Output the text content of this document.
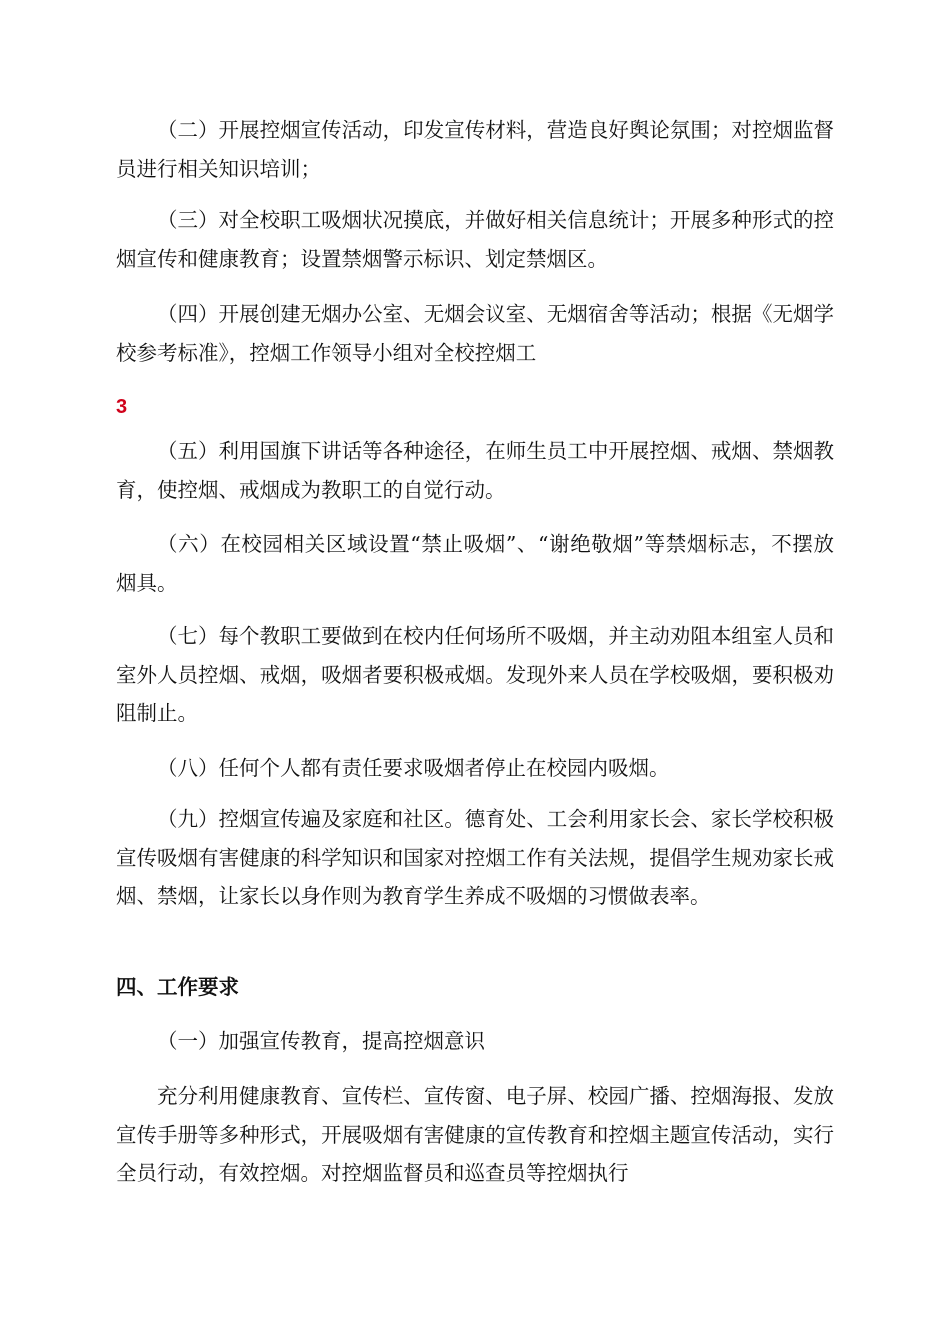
（二）开展控烟宣传活动，印发宣传材料，营造良好舆论氛围；对控烟监督员进行相关知识培训；

（三）对全校职工吸烟状况摸底，并做好相关信息统计；开展多种形式的控烟宣传和健康教育；设置禁烟警示标识、划定禁烟区。

（四）开展创建无烟办公室、无烟会议室、无烟宿舍等活动；根据《无烟学校参考标准》，控烟工作领导小组对全校控烟工

3

（五）利用国旗下讲话等各种途径，在师生员工中开展控烟、戒烟、禁烟教育，使控烟、戒烟成为教职工的自觉行动。

（六）在校园相关区域设置“禁止吸烟”、“谢绝敬烟”等禁烟标志，不摆放烟具。

（七）每个教职工要做到在校内任何场所不吸烟，并主动劝阻本组室人员和室外人员控烟、戒烟，吸烟者要积极戒烟。发现外来人员在学校吸烟，要积极劝阻制止。

（八）任何个人都有责任要求吸烟者停止在校园内吸烟。

（九）控烟宣传遍及家庭和社区。德育处、工会利用家长会、家长学校积极宣传吸烟有害健康的科学知识和国家对控烟工作有关法规，提倡学生规劝家长戒烟、禁烟，让家长以身作则为教育学生养成不吸烟的习惯做表率。

四、工作要求

（一）加强宣传教育，提高控烟意识

充分利用健康教育、宣传栏、宣传窗、电子屏、校园广播、控烟海报、发放宣传手册等多种形式，开展吸烟有害健康的宣传教育和控烟主题宣传活动，实行全员行动，有效控烟。对控烟监督员和巡查员等控烟执行
